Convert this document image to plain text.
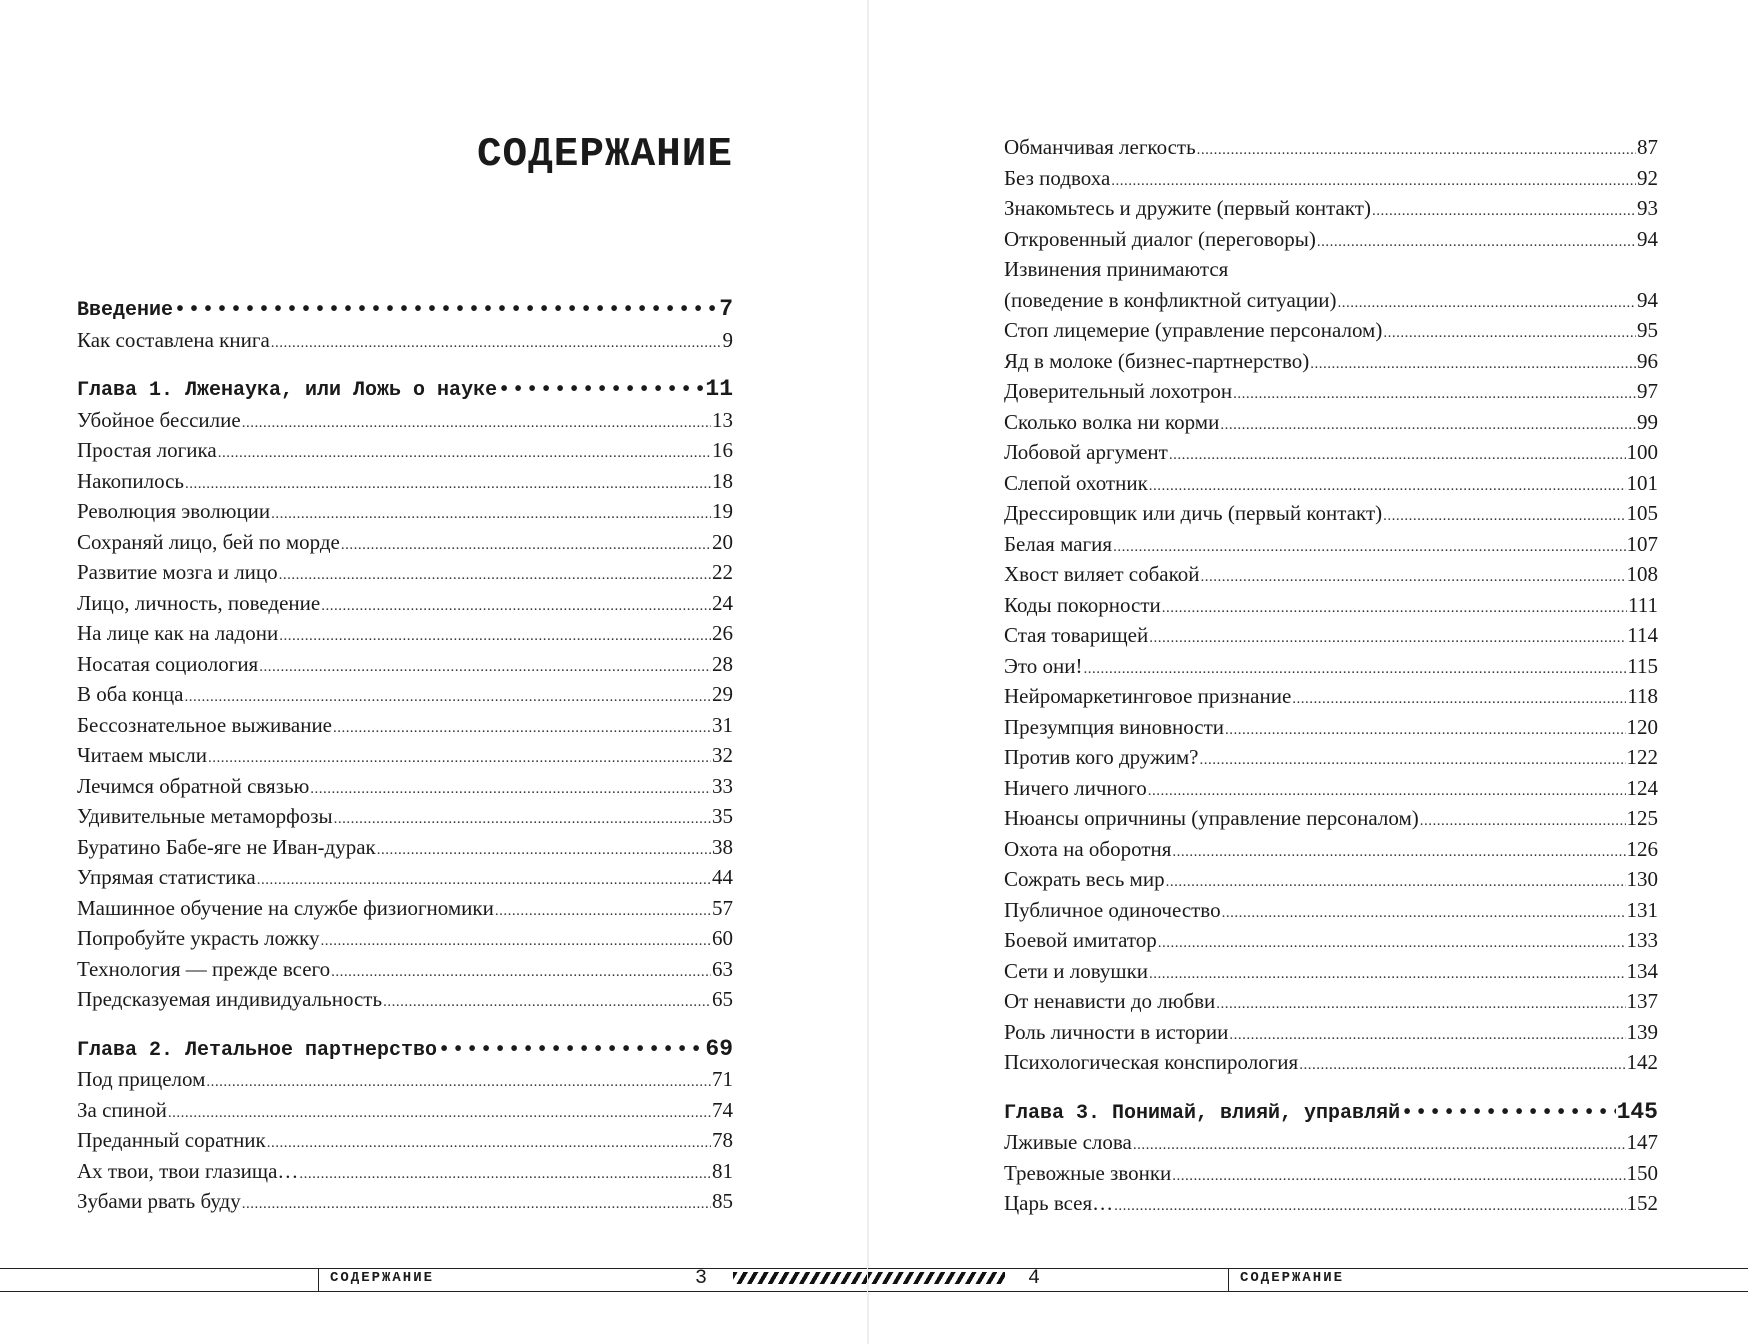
СОДЕРЖАНИЕ
Введение •••••	7
Как составлена книга .....	9
Глава 1. Лженаука, или Ложь о науке •••••	11
Убойное бессилие .....	13
Простая логика .....	16
Накопилось .....	18
Революция эволюции .....	19
Сохраняй лицо, бей по морде .....	20
Развитие мозга и лицо .....	22
Лицо, личность, поведение .....	24
На лице как на ладони .....	26
Носатая социология .....	28
В оба конца .....	29
Бессознательное выживание .....	31
Читаем мысли .....	32
Лечимся обратной связью .....	33
Удивительные метаморфозы .....	35
Буратино Бабе-яге не Иван-дурак .....	38
Упрямая статистика .....	44
Машинное обучение на службе физиогномики .....	57
Попробуйте украсть ложку .....	60
Технология — прежде всего .....	63
Предсказуемая индивидуальность .....	65
Глава 2. Летальное партнерство •••••	69
Под прицелом .....	71
За спиной .....	74
Преданный соратник .....	78
Ах твои, твои глазища… .....	81
Зубами рвать буду .....	85
СОДЕРЖАНИЕ	3
Обманчивая легкость .....	87
Без подвоха .....	92
Знакомьтесь и дружите (первый контакт) .....	93
Откровенный диалог (переговоры) .....	94
Извинения принимаются
(поведение в конфликтной ситуации) .....	94
Стоп лицемерие (управление персоналом) .....	95
Яд в молоке (бизнес-партнерство) .....	96
Доверительный лохотрон .....	97
Сколько волка ни корми .....	99
Лобовой аргумент .....	100
Слепой охотник .....	101
Дрессировщик или дичь (первый контакт) .....	105
Белая магия .....	107
Хвост виляет собакой .....	108
Коды покорности .....	111
Стая товарищей .....	114
Это они! .....	115
Нейромаркетинговое признание .....	118
Презумпция виновности .....	120
Против кого дружим? .....	122
Ничего личного .....	124
Нюансы опричнины (управление персоналом) .....	125
Охота на оборотня .....	126
Сожрать весь мир .....	130
Публичное одиночество .....	131
Боевой имитатор .....	133
Сети и ловушки .....	134
От ненависти до любви .....	137
Роль личности в истории .....	139
Психологическая конспирология .....	142
Глава 3. Понимай, влияй, управляй •••••	145
Лживые слова .....	147
Тревожные звонки .....	150
Царь всея… .....	152
4	СОДЕРЖАНИЕ
